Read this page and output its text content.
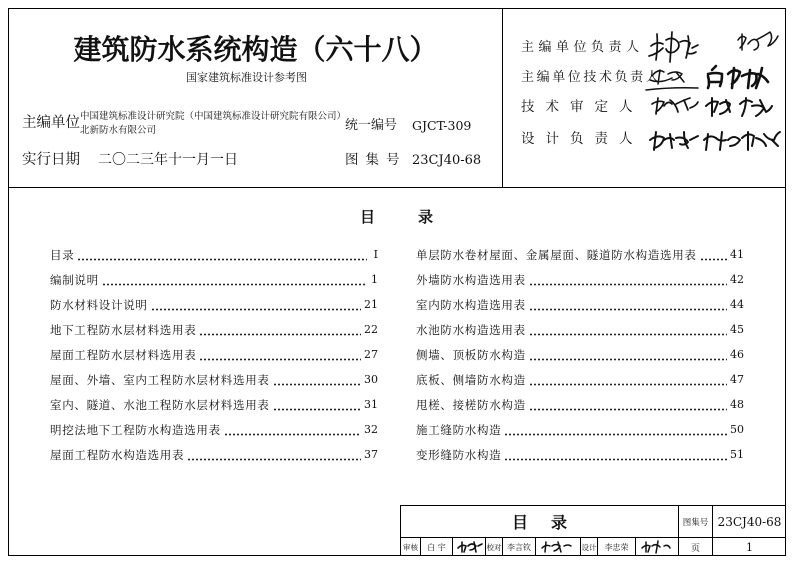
建筑防水系统构造（六十八）
国家建筑标准设计参考图
主编单位 中国建筑标准设计研究院（中国建筑标准设计研究院有限公司）
北新防水有限公司	统一编号 GJCT-309
实行日期 二〇二三年十一月一日	图集号 23CJ40-68
主编单位负责人
主编单位技术负责人
技术审定人
设计负责人
目录
目录	I
编制说明	1
防水材料设计说明	21
地下工程防水层材料选用表	22
屋面工程防水层材料选用表	27
屋面、外墙、室内工程防水层材料选用表	30
室内、隧道、水池工程防水层材料选用表	31
明挖法地下工程防水构造选用表	32
屋面工程防水构造选用表	37
单层防水卷材屋面、金属屋面、隧道防水构造选用表	41
外墙防水构造选用表	42
室内防水构造选用表	44
水池防水构造选用表	45
侧墙、顶板防水构造	46
底板、侧墙防水构造	47
甩槎、接槎防水构造	48
施工缝防水构造	50
变形缝防水构造	51
目录	图集号 23CJ40-68
审核	白 宇	校对 李言钦	设计	李忠荣	页	1
